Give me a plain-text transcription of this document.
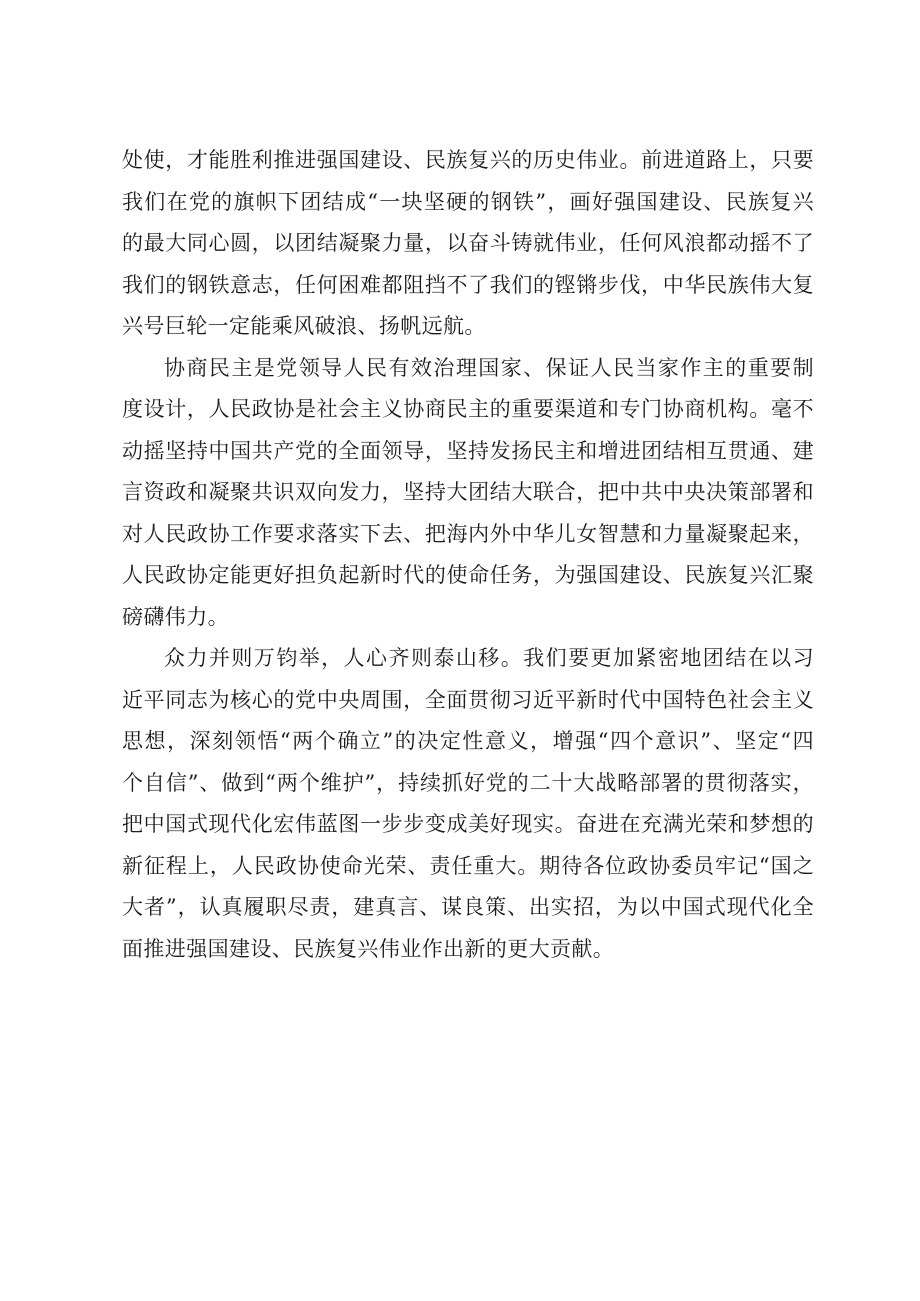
处使，才能胜利推进强国建设、民族复兴的历史伟业。前进道路上，只要
我们在党的旗帜下团结成“一块坚硬的钢铁”，画好强国建设、民族复兴
的最大同心圆，以团结凝聚力量，以奋斗铸就伟业，任何风浪都动摇不了
我们的钢铁意志，任何困难都阻挡不了我们的铿锵步伐，中华民族伟大复
兴号巨轮一定能乘风破浪、扬帆远航。
协商民主是党领导人民有效治理国家、保证人民当家作主的重要制
度设计，人民政协是社会主义协商民主的重要渠道和专门协商机构。毫不
动摇坚持中国共产党的全面领导，坚持发扬民主和增进团结相互贯通、建
言资政和凝聚共识双向发力，坚持大团结大联合，把中共中央决策部署和
对人民政协工作要求落实下去、把海内外中华儿女智慧和力量凝聚起来，
人民政协定能更好担负起新时代的使命任务，为强国建设、民族复兴汇聚
磅礴伟力。
众力并则万钧举，人心齐则泰山移。我们要更加紧密地团结在以习
近平同志为核心的党中央周围，全面贯彻习近平新时代中国特色社会主义
思想，深刻领悟“两个确立”的决定性意义，增强“四个意识”、坚定“四
个自信”、做到“两个维护”，持续抓好党的二十大战略部署的贯彻落实，
把中国式现代化宏伟蓝图一步步变成美好现实。奋进在充满光荣和梦想的
新征程上，人民政协使命光荣、责任重大。期待各位政协委员牢记“国之
大者”，认真履职尽责，建真言、谋良策、出实招，为以中国式现代化全
面推进强国建设、民族复兴伟业作出新的更大贡献。
